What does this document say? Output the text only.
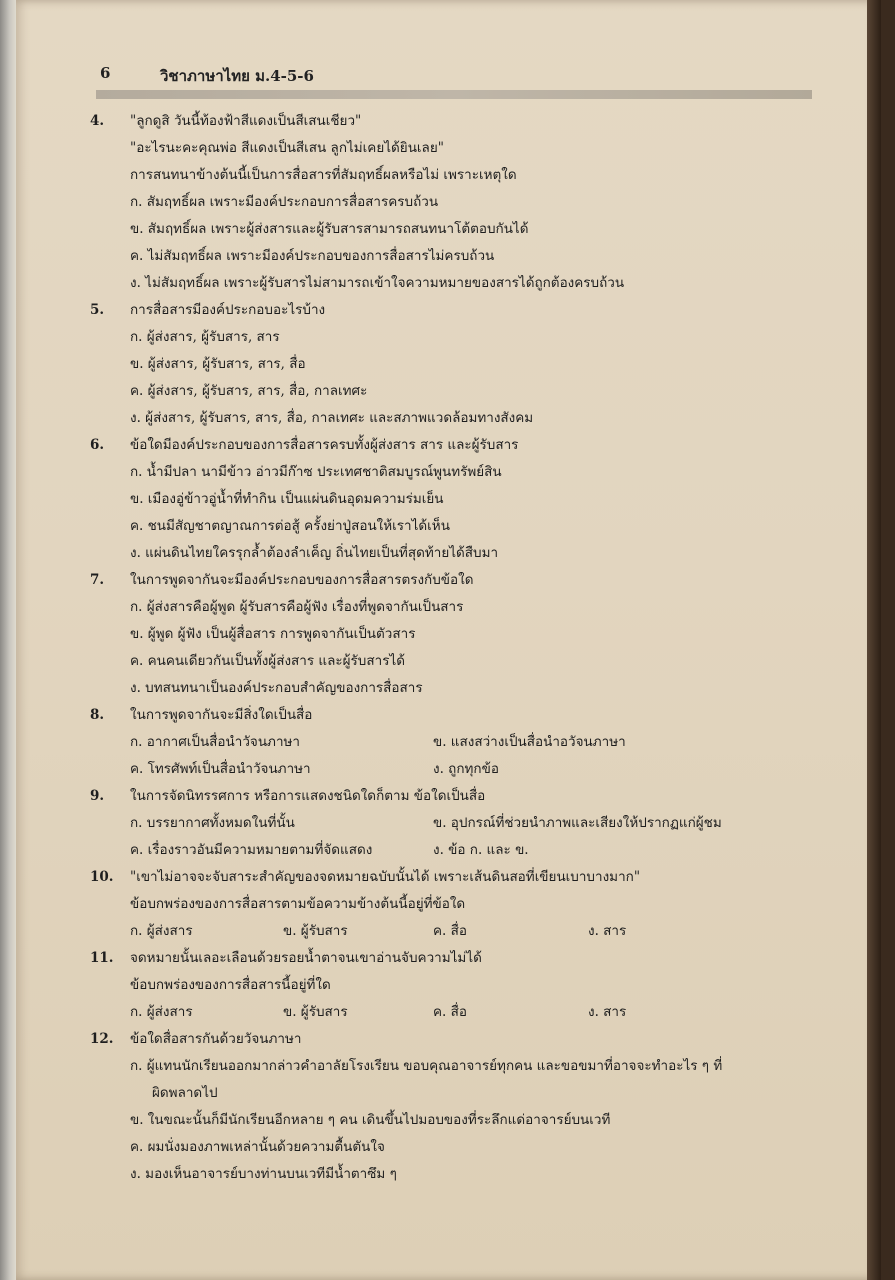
6	วิชาภาษาไทย ม.4-5-6
4. "ลูกดูสิ วันนี้ท้องฟ้าสีแดงเป็นสีเสนเชียว"
"อะไรนะคะคุณพ่อ สีแดงเป็นสีเสน ลูกไม่เคยได้ยินเลย"
การสนทนาข้างต้นนี้เป็นการสื่อสารที่สัมฤทธิ์ผลหรือไม่ เพราะเหตุใด
ก. สัมฤทธิ์ผล เพราะมีองค์ประกอบการสื่อสารครบถ้วน
ข. สัมฤทธิ์ผล เพราะผู้ส่งสารและผู้รับสารสามารถสนทนาโต้ตอบกันได้
ค. ไม่สัมฤทธิ์ผล เพราะมีองค์ประกอบของการสื่อสารไม่ครบถ้วน
ง. ไม่สัมฤทธิ์ผล เพราะผู้รับสารไม่สามารถเข้าใจความหมายของสารได้ถูกต้องครบถ้วน
5. การสื่อสารมีองค์ประกอบอะไรบ้าง
ก. ผู้ส่งสาร, ผู้รับสาร, สาร
ข. ผู้ส่งสาร, ผู้รับสาร, สาร, สื่อ
ค. ผู้ส่งสาร, ผู้รับสาร, สาร, สื่อ, กาลเทศะ
ง. ผู้ส่งสาร, ผู้รับสาร, สาร, สื่อ, กาลเทศะ และสภาพแวดล้อมทางสังคม
6. ข้อใดมีองค์ประกอบของการสื่อสารครบทั้งผู้ส่งสาร สาร และผู้รับสาร
ก. น้ำมีปลา นามีข้าว อ่าวมีก๊าซ ประเทศชาติสมบูรณ์พูนทรัพย์สิน
ข. เมืองอู่ข้าวอู่น้ำที่ทำกิน เป็นแผ่นดินอุดมความร่มเย็น
ค. ชนมีสัญชาตญาณการต่อสู้ ครั้งย่าปู่สอนให้เราได้เห็น
ง. แผ่นดินไทยใครรุกล้ำต้องลำเค็ญ ถิ่นไทยเป็นที่สุดท้ายได้สืบมา
7. ในการพูดจากันจะมีองค์ประกอบของการสื่อสารตรงกับข้อใด
ก. ผู้ส่งสารคือผู้พูด ผู้รับสารคือผู้ฟัง เรื่องที่พูดจากันเป็นสาร
ข. ผู้พูด ผู้ฟัง เป็นผู้สื่อสาร การพูดจากันเป็นตัวสาร
ค. คนคนเดียวกันเป็นทั้งผู้ส่งสาร และผู้รับสารได้
ง. บทสนทนาเป็นองค์ประกอบสำคัญของการสื่อสาร
8. ในการพูดจากันจะมีสิ่งใดเป็นสื่อ
ก. อากาศเป็นสื่อนำวัจนภาษา	ข. แสงสว่างเป็นสื่อนำอวัจนภาษา
ค. โทรศัพท์เป็นสื่อนำวัจนภาษา	ง. ถูกทุกข้อ
9. ในการจัดนิทรรศการ หรือการแสดงชนิดใดก็ตาม ข้อใดเป็นสื่อ
ก. บรรยากาศทั้งหมดในที่นั้น	ข. อุปกรณ์ที่ช่วยนำภาพและเสียงให้ปรากฏแก่ผู้ชม
ค. เรื่องราวอันมีความหมายตามที่จัดแสดง	ง. ข้อ ก. และ ข.
10. "เขาไม่อาจจะจับสาระสำคัญของจดหมายฉบับนั้นได้ เพราะเส้นดินสอที่เขียนเบาบางมาก"
ข้อบกพร่องของการสื่อสารตามข้อความข้างต้นนี้อยู่ที่ข้อใด
ก. ผู้ส่งสาร	ข. ผู้รับสาร	ค. สื่อ	ง. สาร
11. จดหมายนั้นเลอะเลือนด้วยรอยน้ำตาจนเขาอ่านจับความไม่ได้
ข้อบกพร่องของการสื่อสารนี้อยู่ที่ใด
ก. ผู้ส่งสาร	ข. ผู้รับสาร	ค. สื่อ	ง. สาร
12. ข้อใดสื่อสารกันด้วยวัจนภาษา
ก. ผู้แทนนักเรียนออกมากล่าวคำอาลัยโรงเรียน ขอบคุณอาจารย์ทุกคน และขอขมาที่อาจจะทำอะไร ๆ ที่
ผิดพลาดไป
ข. ในขณะนั้นก็มีนักเรียนอีกหลาย ๆ คน เดินขึ้นไปมอบของที่ระลึกแด่อาจารย์บนเวที
ค. ผมนั่งมองภาพเหล่านั้นด้วยความตื้นตันใจ
ง. มองเห็นอาจารย์บางท่านบนเวทีมีน้ำตาซึม ๆ
